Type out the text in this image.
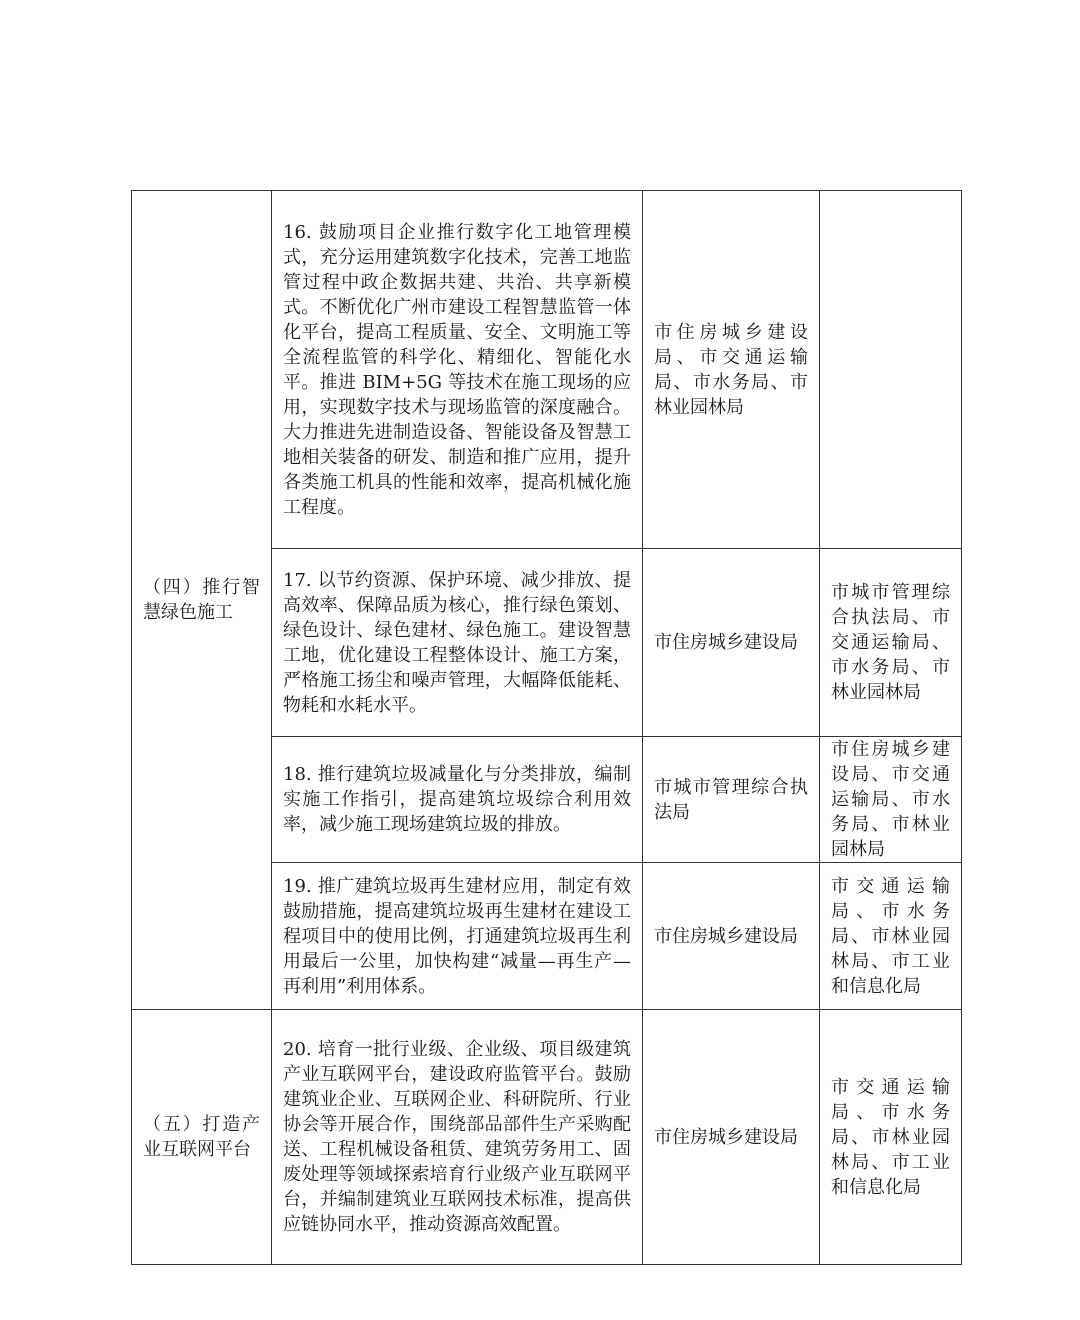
（四）推行智慧绿色施工	16. 鼓励项目企业推行数字化工地管理模式，充分运用建筑数字化技术，完善工地监管过程中政企数据共建、共治、共享新模式。不断优化广州市建设工程智慧监管一体化平台，提高工程质量、安全、文明施工等全流程监管的科学化、精细化、智能化水平。推进 BIM+5G 等技术在施工现场的应用，实现数字技术与现场监管的深度融合。大力推进先进制造设备、智能设备及智慧工地相关装备的研发、制造和推广应用，提升各类施工机具的性能和效率，提高机械化施工程度。	市住房城乡建设局、市交通运输局、市水务局、市林业园林局	
	17. 以节约资源、保护环境、减少排放、提高效率、保障品质为核心，推行绿色策划、绿色设计、绿色建材、绿色施工。建设智慧工地，优化建设工程整体设计、施工方案，严格施工扬尘和噪声管理，大幅降低能耗、物耗和水耗水平。	市住房城乡建设局	市城市管理综合执法局、市交通运输局、市水务局、市林业园林局
	18. 推行建筑垃圾减量化与分类排放，编制实施工作指引，提高建筑垃圾综合利用效率，减少施工现场建筑垃圾的排放。	市城市管理综合执法局	市住房城乡建设局、市交通运输局、市水务局、市林业园林局
	19. 推广建筑垃圾再生建材应用，制定有效鼓励措施，提高建筑垃圾再生建材在建设工程项目中的使用比例，打通建筑垃圾再生利用最后一公里，加快构建“减量—再生产—再利用”利用体系。	市住房城乡建设局	市交通运输局、市水务局、市林业园林局、市工业和信息化局
（五）打造产业互联网平台	20. 培育一批行业级、企业级、项目级建筑产业互联网平台，建设政府监管平台。鼓励建筑业企业、互联网企业、科研院所、行业协会等开展合作，围绕部品部件生产采购配送、工程机械设备租赁、建筑劳务用工、固废处理等领域探索培育行业级产业互联网平台，并编制建筑业互联网技术标准，提高供应链协同水平，推动资源高效配置。	市住房城乡建设局	市交通运输局、市水务局、市林业园林局、市工业和信息化局
